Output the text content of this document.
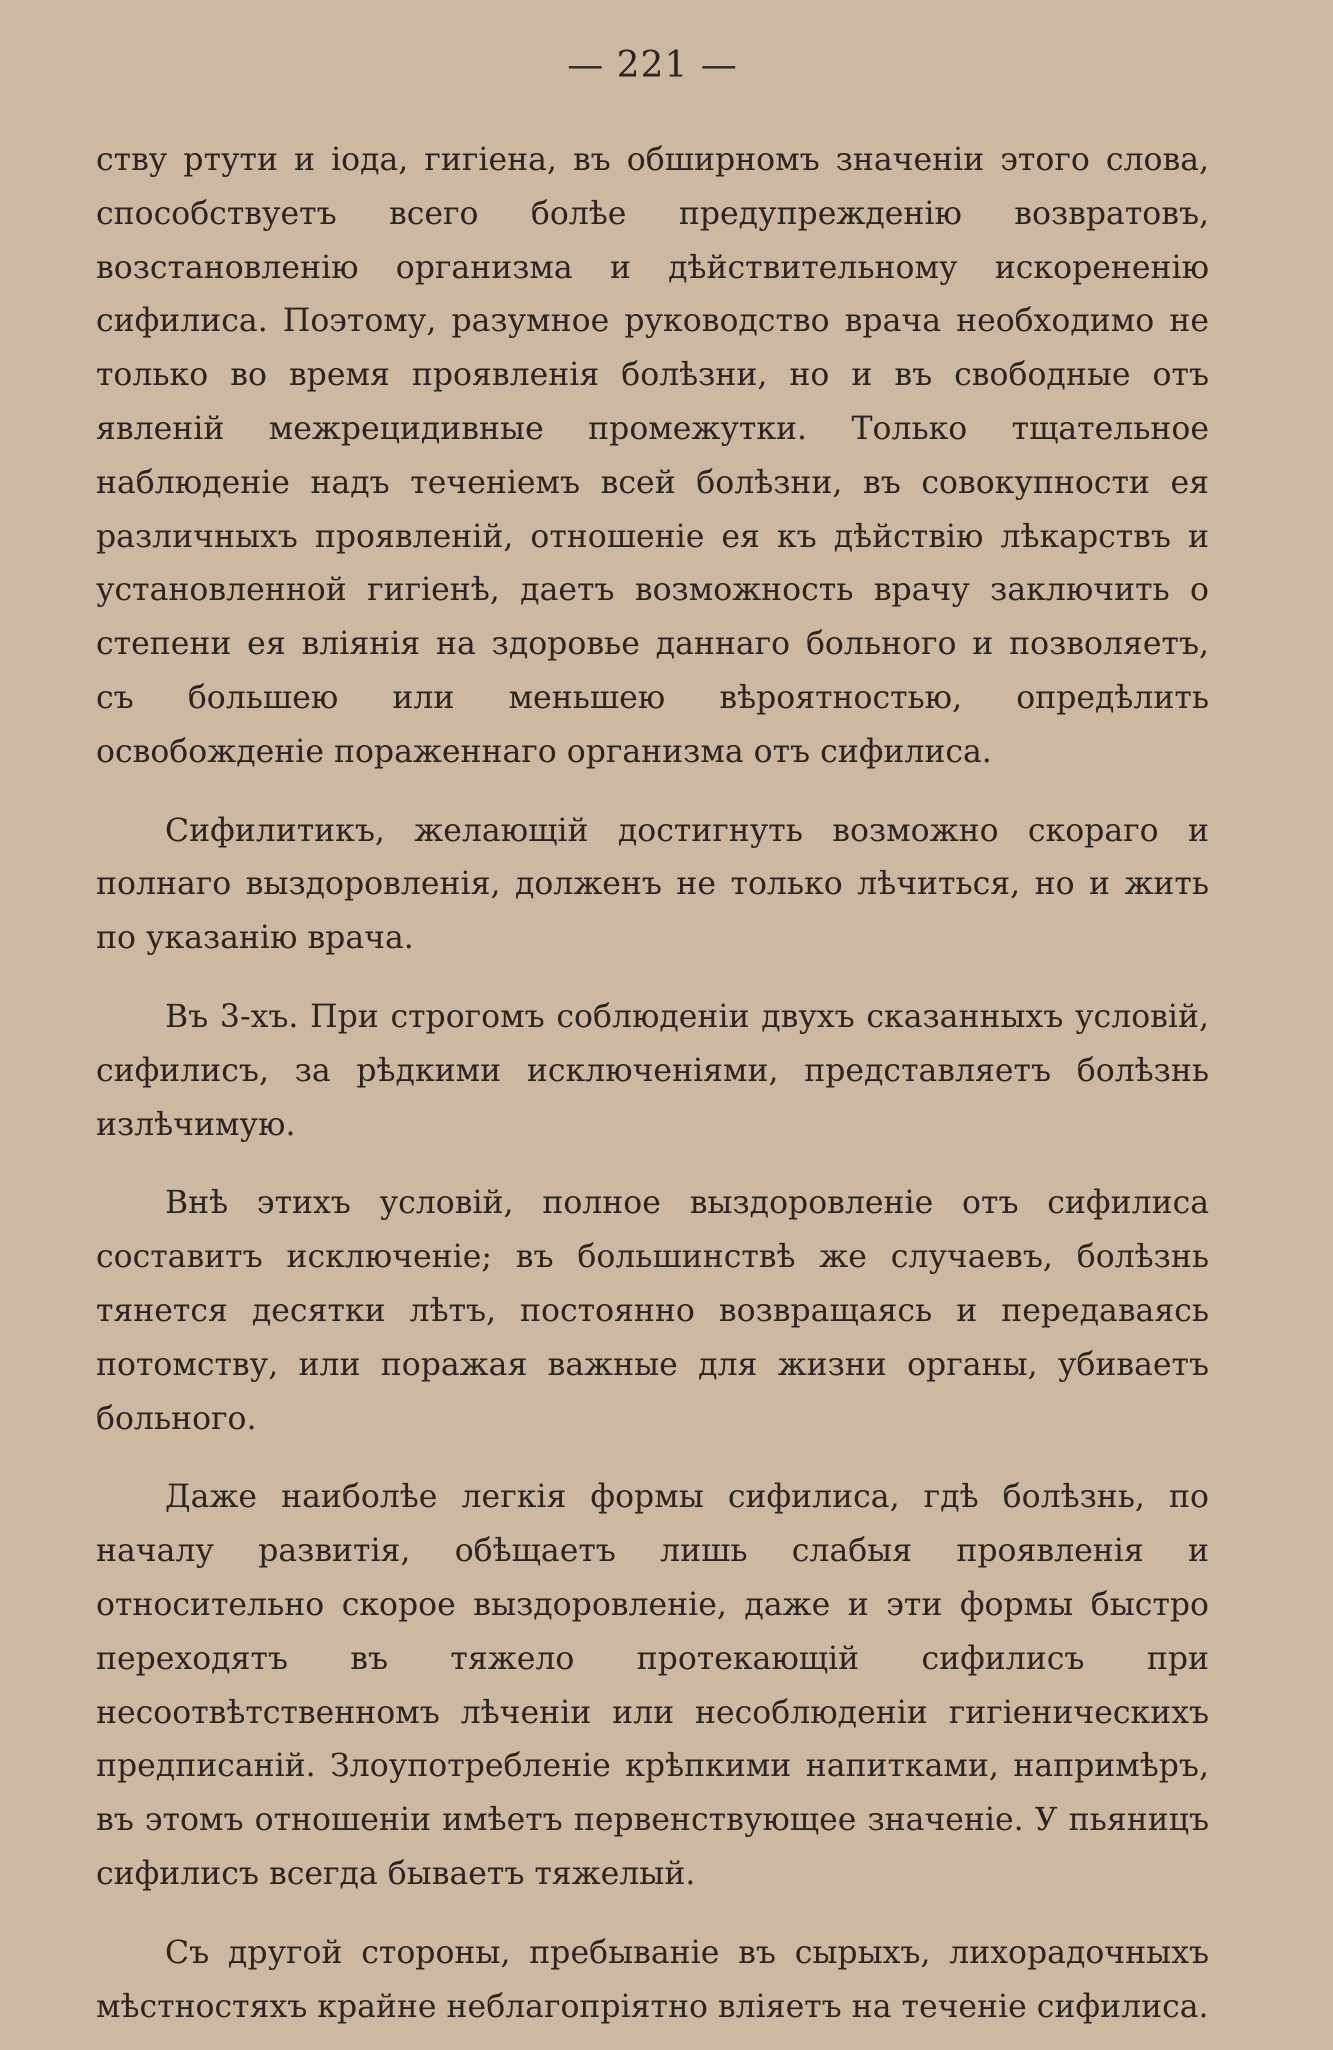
— 221 —

ству ртути и іода, гигіена, въ обширномъ значеніи этого слова, способствуетъ всего болѣе предупрежденію возвратовъ, возстановленію организма и дѣйствительному искорененію сифилиса. Поэтому, разумное руководство врача необходимо не только во время проявленія болѣзни, но и въ свободные отъ явленій межрецидивные промежутки. Только тщательное наблюденіе надъ теченіемъ всей болѣзни, въ совокупности ея различныхъ проявленій, отношеніе ея къ дѣйствію лѣкарствъ и установленной гигіенѣ, даетъ возможность врачу заключить о степени ея вліянія на здоровье даннаго больного и позволяетъ, съ большею или меньшею вѣроятностью, опредѣлить освобожденіе пораженнаго организма отъ сифилиса.

Сифилитикъ, желающій достигнуть возможно скораго и полнаго выздоровленія, долженъ не только лѣчиться, но и жить по указанію врача.

Въ 3-хъ. При строгомъ соблюденіи двухъ сказанныхъ условій, сифилисъ, за рѣдкими исключеніями, представляетъ болѣзнь излѣчимую.

Внѣ этихъ условій, полное выздоровленіе отъ сифилиса составитъ исключеніе; въ большинствѣ же случаевъ, болѣзнь тянется десятки лѣтъ, постоянно возвращаясь и передаваясь потомству, или поражая важные для жизни органы, убиваетъ больного.

Даже наиболѣе легкія формы сифилиса, гдѣ болѣзнь, по началу развитія, обѣщаетъ лишь слабыя проявленія и относительно скорое выздоровленіе, даже и эти формы быстро переходятъ въ тяжело протекающій сифилисъ при несоотвѣтственномъ лѣченіи или несоблюденіи гигіеническихъ предписаній. Злоупотребленіе крѣпкими напитками, напримѣръ, въ этомъ отношеніи имѣетъ первенствующее значеніе. У пьяницъ сифилисъ всегда бываетъ тяжелый.

Съ другой стороны, пребываніе въ сырыхъ, лихорадочныхъ мѣстностяхъ крайне неблагопріятно вліяетъ на теченіе сифилиса.
